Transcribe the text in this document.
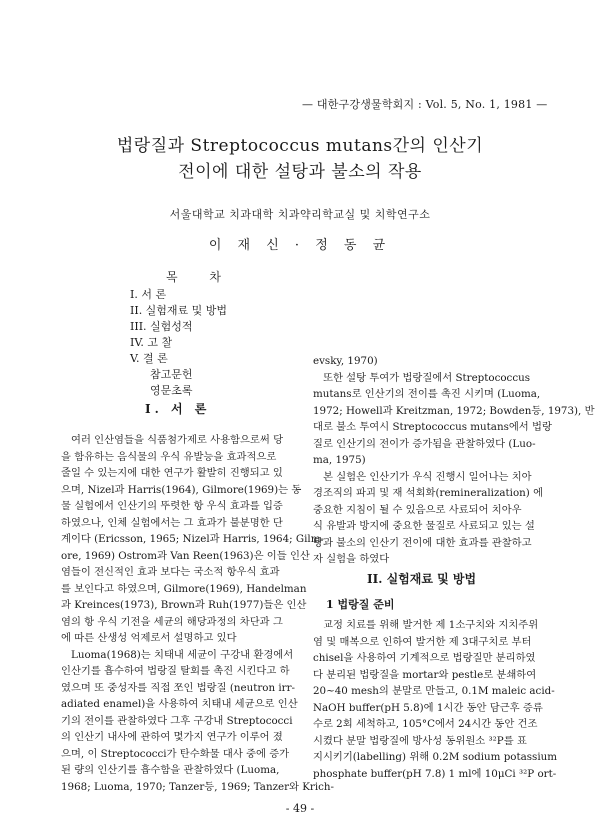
— 대한구강생물학회지 : Vol. 5, No. 1, 1981 —
법랑질과 Streptococcus mutans간의 인산기
전이에 대한 설탕과 불소의 작용
서울대학교 치과대학 치과약리학교실 및 치학연구소
이 재 신 · 정 동 균
목 차
I. 서 론
II. 실험재료 및 방법
III. 실험성적
IV. 고 찰
V. 결 론
참고문헌
영문초록
I. 서 론
여러 인산염들을 식품첨가제로 사용함으로써 당
을 함유하는 음식물의 우식 유발능을 효과적으로
줄일 수 있는지에 대한 연구가 활발히 진행되고 있
으며, Nizel과 Harris(1964), Gilmore(1969)는 동
물 실험에서 인산기의 뚜렷한 항 우식 효과를 입증
하였으나, 인체 실험에서는 그 효과가 불분명한 단
계이다 (Ericsson, 1965; Nizel과 Harris, 1964; Gilm-
ore, 1969) Ostrom과 Van Reen(1963)은 이들 인산
염들이 전신적인 효과 보다는 국소적 항우식 효과
를 보인다고 하였으며, Gilmore(1969), Handelman
과 Kreinces(1973), Brown과 Ruh(1977)들은 인산
염의 항 우식 기전을 세균의 해당과정의 차단과 그
에 따른 산생성 억제로서 설명하고 있다
Luoma(1968)는 치태내 세균이 구강내 환경에서
인산기를 흡수하여 법랑질 탈회를 촉진 시킨다고 하
였으며 또 중성자를 직접 쪼인 법랑질 (neutron irr-
adiated enamel)을 사용하여 치태내 세균으로 인산
기의 전이를 관찰하였다 그후 구강내 Streptococci
의 인산기 내사에 관하여 몇가지 연구가 이루어 졌
으며, 이 Streptococci가 탄수화물 대사 중에 증가
된 량의 인산기를 흡수함을 관찰하였다 (Luoma,
1968; Luoma, 1970; Tanzer등, 1969; Tanzer와 Krich-
evsky, 1970)
또한 설탕 투여가 법랑질에서 Streptococcus
mutans로 인산기의 전이를 촉진 시키며 (Luoma,
1972; Howell과 Kreitzman, 1972; Bowden등, 1973), 반
대로 불소 투여시 Streptococcus mutans에서 법랑
질로 인산기의 전이가 증가됨을 관찰하였다 (Luo-
ma, 1975)
본 실험은 인산기가 우식 진행시 일어나는 치아
경조직의 파괴 및 재 석회화(remineralization) 에
중요한 지침이 될 수 있음으로 사료되어 치아우
식 유발과 방지에 중요한 물질로 사료되고 있는 설
탕과 불소의 인산기 전이에 대한 효과를 관찰하고
자 실험을 하였다
II. 실험재료 및 방법
1 법랑질 준비
교정 치료를 위해 발거한 제 1소구치와 지치주위
염 및 매복으로 인하여 발거한 제 3대구치로 부터
chisel을 사용하여 기계적으로 법랑질만 분리하였
다 분리된 법랑질을 mortar와 pestle로 분쇄하여
20~40 mesh의 분말로 만들고, 0.1M maleic acid-
NaOH buffer(pH 5.8)에 1시간 동안 담근후 증류
수로 2회 세척하고, 105°C에서 24시간 동안 건조
시켰다 분말 법랑질에 방사성 동위원소 ³²P를 표
지시키기(labelling) 위해 0.2M sodium potassium
phosphate buffer(pH 7.8) 1 ml에 10μCi ³²P ort-
- 49 -
